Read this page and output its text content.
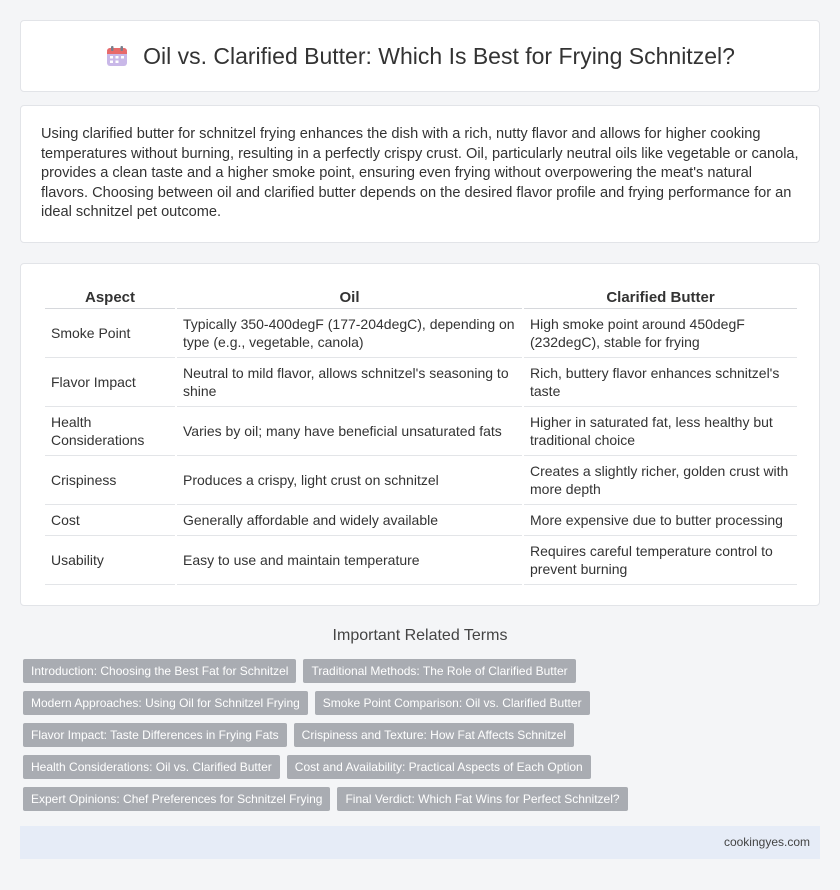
Oil vs. Clarified Butter: Which Is Best for Frying Schnitzel?

Using clarified butter for schnitzel frying enhances the dish with a rich, nutty flavor and allows for higher cooking temperatures without burning, resulting in a perfectly crispy crust. Oil, particularly neutral oils like vegetable or canola, provides a clean taste and a higher smoke point, ensuring even frying without overpowering the meat's natural flavors. Choosing between oil and clarified butter depends on the desired flavor profile and frying performance for an ideal schnitzel pet outcome.

Aspect	Oil	Clarified Butter
Smoke Point	Typically 350-400degF (177-204degC), depending on type (e.g., vegetable, canola)	High smoke point around 450degF (232degC), stable for frying
Flavor Impact	Neutral to mild flavor, allows schnitzel's seasoning to shine	Rich, buttery flavor enhances schnitzel's taste
Health Considerations	Varies by oil; many have beneficial unsaturated fats	Higher in saturated fat, less healthy but traditional choice
Crispiness	Produces a crispy, light crust on schnitzel	Creates a slightly richer, golden crust with more depth
Cost	Generally affordable and widely available	More expensive due to butter processing
Usability	Easy to use and maintain temperature	Requires careful temperature control to prevent burning
Important Related Terms
Introduction: Choosing the Best Fat for Schnitzel	Traditional Methods: The Role of Clarified Butter
Modern Approaches: Using Oil for Schnitzel Frying	Smoke Point Comparison: Oil vs. Clarified Butter
Flavor Impact: Taste Differences in Frying Fats	Crispiness and Texture: How Fat Affects Schnitzel
Health Considerations: Oil vs. Clarified Butter	Cost and Availability: Practical Aspects of Each Option
Expert Opinions: Chef Preferences for Schnitzel Frying	Final Verdict: Which Fat Wins for Perfect Schnitzel?
cookingyes.com
